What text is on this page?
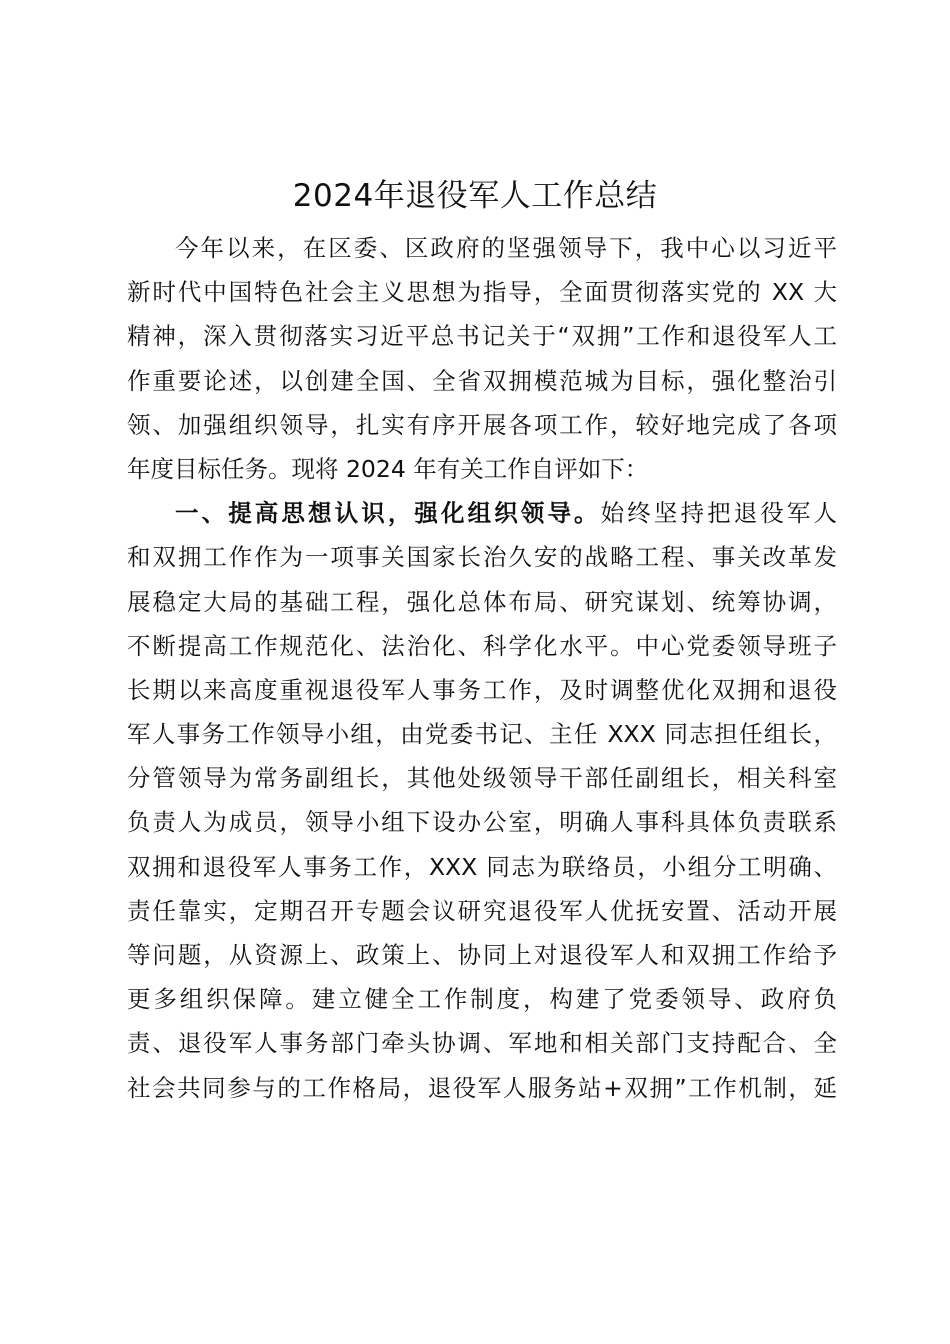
2024年退役军人工作总结
今年以来，在区委、区政府的坚强领导下，我中心以习近平
新时代中国特色社会主义思想为指导，全面贯彻落实党的 XX 大
精神，深入贯彻落实习近平总书记关于“双拥”工作和退役军人工
作重要论述，以创建全国、全省双拥模范城为目标，强化整治引
领、加强组织领导，扎实有序开展各项工作，较好地完成了各项
年度目标任务。现将 2024 年有关工作自评如下：
一、提高思想认识，强化组织领导。始终坚持把退役军人
和双拥工作作为一项事关国家长治久安的战略工程、事关改革发
展稳定大局的基础工程，强化总体布局、研究谋划、统筹协调，
不断提高工作规范化、法治化、科学化水平。中心党委领导班子
长期以来高度重视退役军人事务工作，及时调整优化双拥和退役
军人事务工作领导小组，由党委书记、主任 XXX 同志担任组长，
分管领导为常务副组长，其他处级领导干部任副组长，相关科室
负责人为成员，领导小组下设办公室，明确人事科具体负责联系
双拥和退役军人事务工作，XXX 同志为联络员，小组分工明确、
责任靠实，定期召开专题会议研究退役军人优抚安置、活动开展
等问题，从资源上、政策上、协同上对退役军人和双拥工作给予
更多组织保障。建立健全工作制度，构建了党委领导、政府负
责、退役军人事务部门牵头协调、军地和相关部门支持配合、全
社会共同参与的工作格局，退役军人服务站+双拥”工作机制，延
